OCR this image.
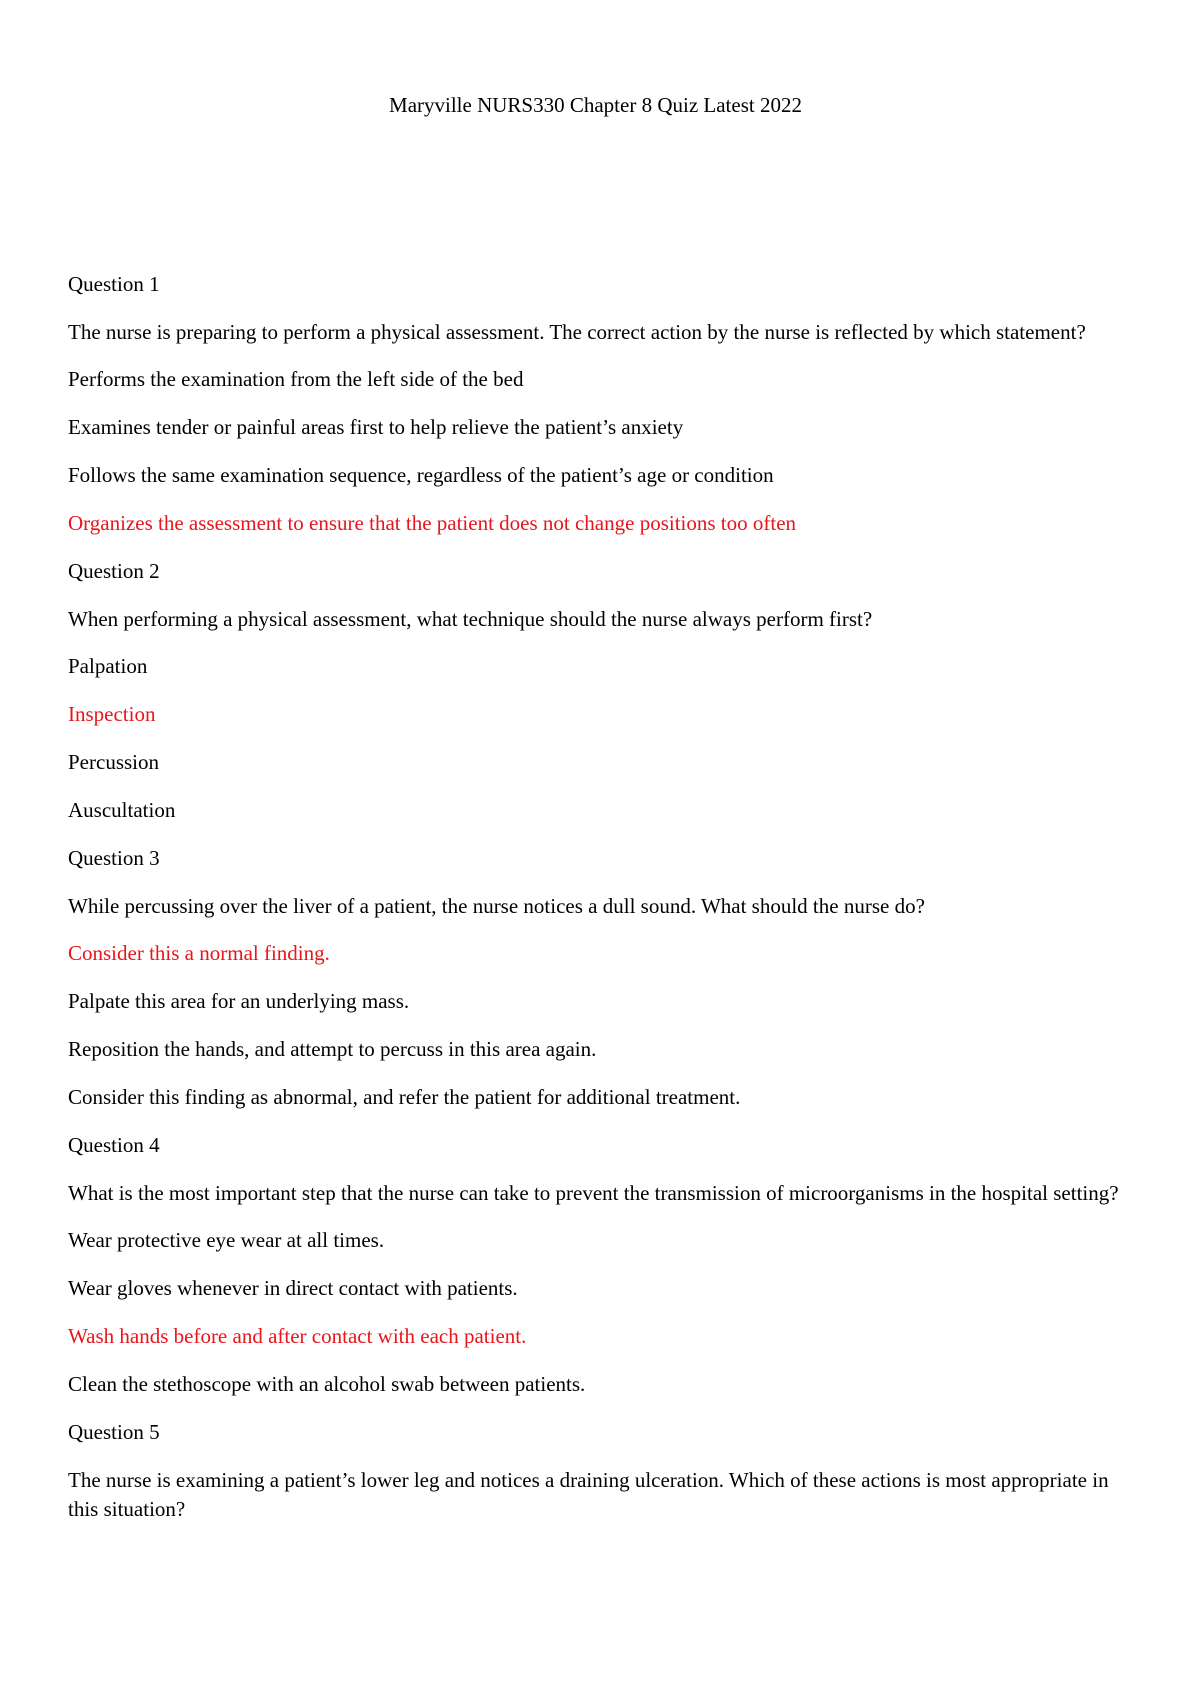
Maryville NURS330 Chapter 8 Quiz Latest 2022

Question 1

The nurse is preparing to perform a physical assessment. The correct action by the nurse is reflected by which statement?

Performs the examination from the left side of the bed

Examines tender or painful areas first to help relieve the patient’s anxiety

Follows the same examination sequence, regardless of the patient’s age or condition

Organizes the assessment to ensure that the patient does not change positions too often

Question 2

When performing a physical assessment, what technique should the nurse always perform first?

Palpation

Inspection

Percussion

Auscultation

Question 3

While percussing over the liver of a patient, the nurse notices a dull sound. What should the nurse do?

Consider this a normal finding.

Palpate this area for an underlying mass.

Reposition the hands, and attempt to percuss in this area again.

Consider this finding as abnormal, and refer the patient for additional treatment.

Question 4

What is the most important step that the nurse can take to prevent the transmission of microorganisms in the hospital setting?

Wear protective eye wear at all times.

Wear gloves whenever in direct contact with patients.

Wash hands before and after contact with each patient.

Clean the stethoscope with an alcohol swab between patients.

Question 5

The nurse is examining a patient’s lower leg and notices a draining ulceration. Which of these actions is most appropriate in this situation?
